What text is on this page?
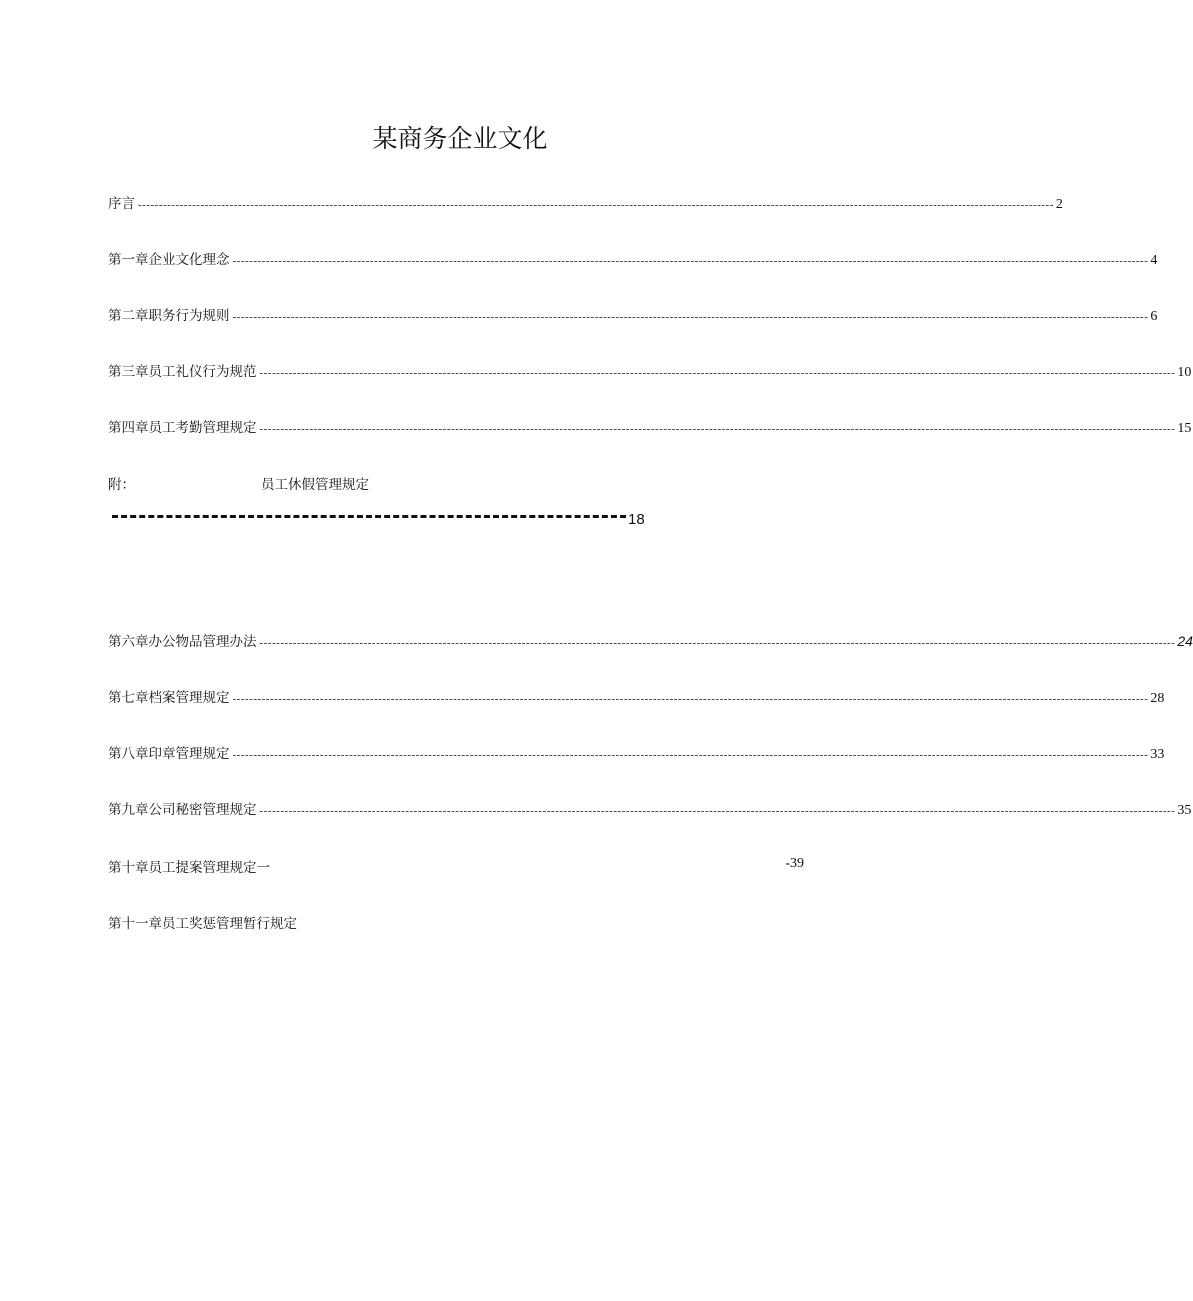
某商务企业文化
序言 ---------------------------------------------------------------------------------------------------------------------------------------------------------------------------------------------------------------------------- 2
第一章企业文化理念 ---------------------------------------------------------------------------------------------------------------------------------------------------------------------------------------------------------------------------- 4
第二章职务行为规则 ---------------------------------------------------------------------------------------------------------------------------------------------------------------------------------------------------------------------------- 6
第三章员工礼仪行为规范 ---------------------------------------------------------------------------------------------------------------------------------------------------------------------------------------------------------------------------- 10
第四章员工考勤管理规定 ---------------------------------------------------------------------------------------------------------------------------------------------------------------------------------------------------------------------------- 15
附：	员工休假管理规定
18
第六章办公物品管理办法 ---------------------------------------------------------------------------------------------------------------------------------------------------------------------------------------------------------------------------- 24
第七章档案管理规定 ---------------------------------------------------------------------------------------------------------------------------------------------------------------------------------------------------------------------------- 28
第八章印章管理规定 ---------------------------------------------------------------------------------------------------------------------------------------------------------------------------------------------------------------------------- 33
第九章公司秘密管理规定 ---------------------------------------------------------------------------------------------------------------------------------------------------------------------------------------------------------------------------- 35
第十章员工提案管理规定一	-39
第十一章员工奖惩管理暂行规定
